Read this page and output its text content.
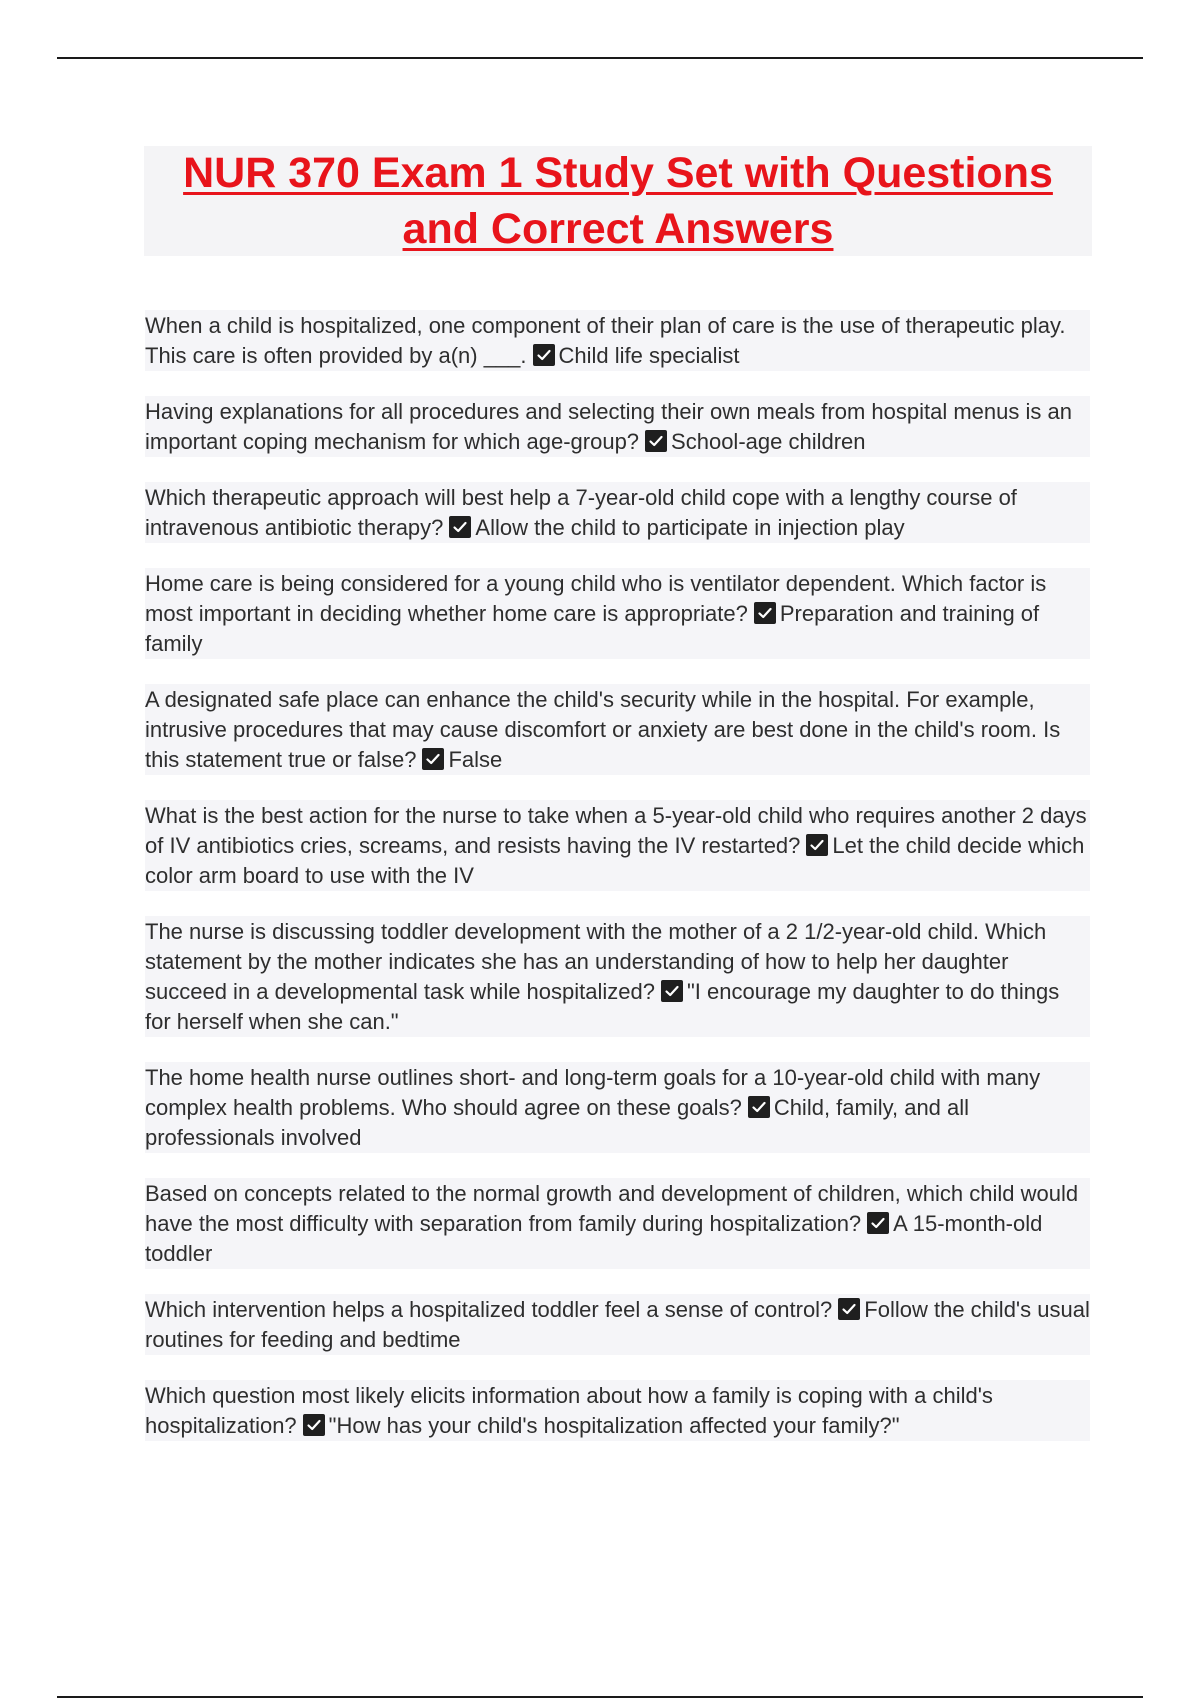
NUR 370 Exam 1 Study Set with Questions and Correct Answers
When a child is hospitalized, one component of their plan of care is the use of therapeutic play. This care is often provided by a(n) ___. Child life specialist
Having explanations for all procedures and selecting their own meals from hospital menus is an important coping mechanism for which age-group? School-age children
Which therapeutic approach will best help a 7-year-old child cope with a lengthy course of intravenous antibiotic therapy? Allow the child to participate in injection play
Home care is being considered for a young child who is ventilator dependent. Which factor is most important in deciding whether home care is appropriate? Preparation and training of family
A designated safe place can enhance the child's security while in the hospital. For example, intrusive procedures that may cause discomfort or anxiety are best done in the child's room. Is this statement true or false? False
What is the best action for the nurse to take when a 5-year-old child who requires another 2 days of IV antibiotics cries, screams, and resists having the IV restarted? Let the child decide which color arm board to use with the IV
The nurse is discussing toddler development with the mother of a 2 1/2-year-old child. Which statement by the mother indicates she has an understanding of how to help her daughter succeed in a developmental task while hospitalized? "I encourage my daughter to do things for herself when she can."
The home health nurse outlines short- and long-term goals for a 10-year-old child with many complex health problems. Who should agree on these goals? Child, family, and all professionals involved
Based on concepts related to the normal growth and development of children, which child would have the most difficulty with separation from family during hospitalization? A 15-month-old toddler
Which intervention helps a hospitalized toddler feel a sense of control? Follow the child's usual routines for feeding and bedtime
Which question most likely elicits information about how a family is coping with a child's hospitalization? "How has your child's hospitalization affected your family?"
